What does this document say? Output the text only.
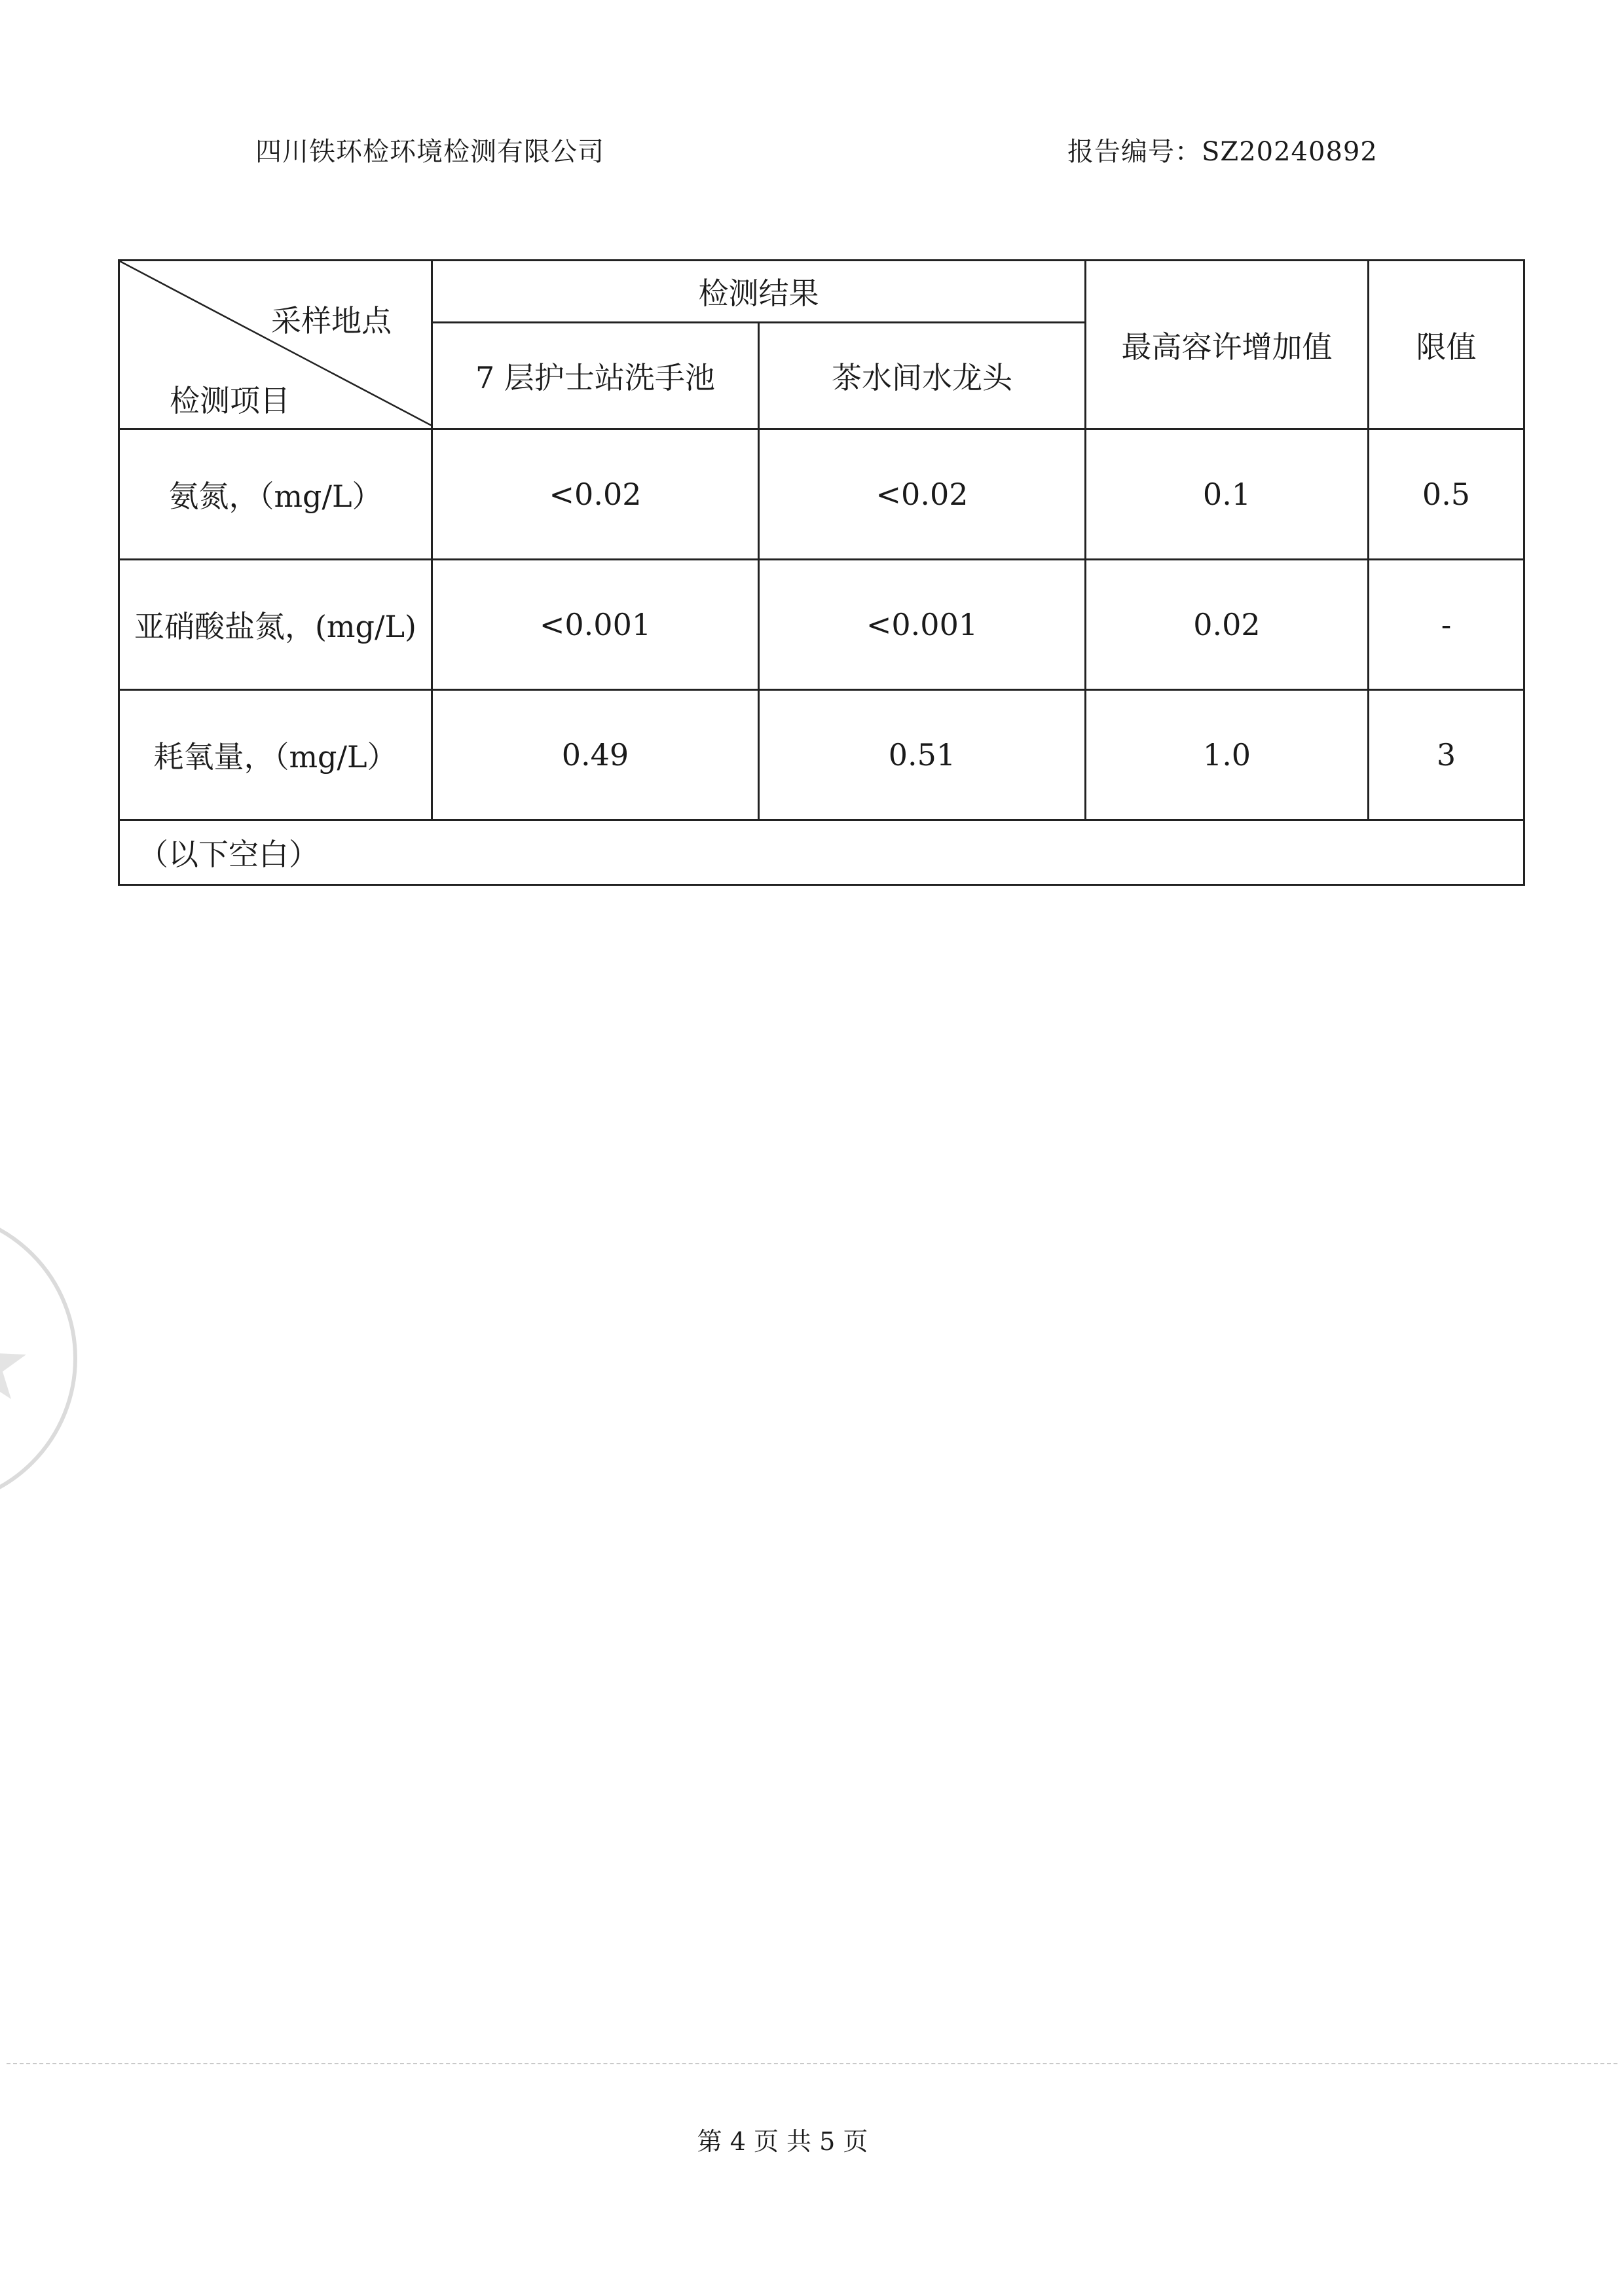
四川铁环检环境检测有限公司	报告编号：SZ20240892
采样地点
检测项目	检测结果		最高容许增加值	限值
	7 层护士站洗手池	茶水间水龙头		
氨氮，（mg/L）	<0.02	<0.02	0.1	0.5
亚硝酸盐氮，(mg/L)	<0.001	<0.001	0.02	-
耗氧量，（mg/L）	0.49	0.51	1.0	3
（以下空白）				
第 4 页 共 5 页
